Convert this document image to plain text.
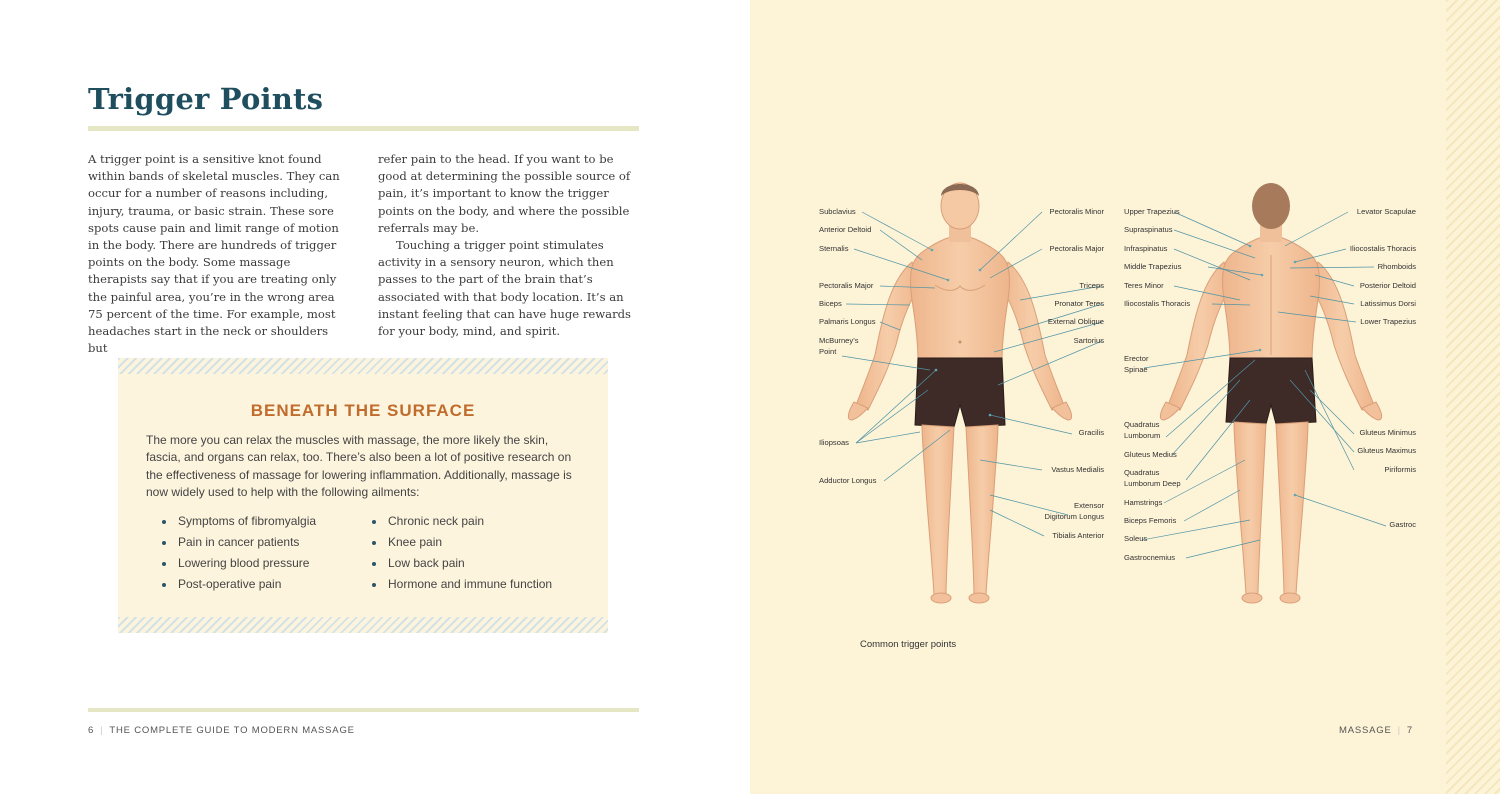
Trigger Points

A trigger point is a sensitive knot found within bands of skeletal muscles. They can occur for a number of reasons including, injury, trauma, or basic strain. These sore spots cause pain and limit range of motion in the body. There are hundreds of trigger points on the body. Some massage therapists say that if you are treating only the painful area, you’re in the wrong area 75 percent of the time. For example, most headaches start in the neck or shoulders but

refer pain to the head. If you want to be good at determining the possible source of pain, it’s important to know the trigger points on the body, and where the possible referrals may be.

Touching a trigger point stimulates activity in a sensory neuron, which then passes to the part of the brain that’s associated with that body location. It’s an instant feeling that can have huge rewards for your body, mind, and spirit.

BENEATH THE SURFACE

The more you can relax the muscles with massage, the more likely the skin, fascia, and organs can relax, too. There’s also been a lot of positive research on the effectiveness of massage for lowering inflammation. Additionally, massage is now widely used to help with the following ailments:

• Symptoms of fibromyalgia
• Pain in cancer patients
• Lowering blood pressure
• Post-operative pain
• Chronic neck pain
• Knee pain
• Low back pain
• Hormone and immune function
6 | THE COMPLETE GUIDE TO MODERN MASSAGE
Subclavius
Anterior Deltoid
Sternalis
Pectoralis Major
Biceps
Palmaris Longus
McBurney’s
Point
Iliopsoas
Adductor Longus
Pectoralis Minor
Pectoralis Major
Triceps
Pronator Teres
External Oblique
Sartorius
Gracilis
Vastus Medialis
Extensor
Digitorum Longus
Tibialis Anterior
Upper Trapezius
Supraspinatus
Infraspinatus
Middle Trapezius
Teres Minor
Iliocostalis Thoracis
Erector
Spinae
Quadratus
Lumborum
Gluteus Medius
Quadratus
Lumborum Deep
Hamstrings
Biceps Femoris
Soleus
Gastrocnemius
Levator Scapulae
Iliocostalis Thoracis
Rhomboids
Posterior Deltoid
Latissimus Dorsi
Lower Trapezius
Gluteus Minimus
Gluteus Maximus
Piriformis
Gastroc
Common trigger points
MASSAGE | 7
